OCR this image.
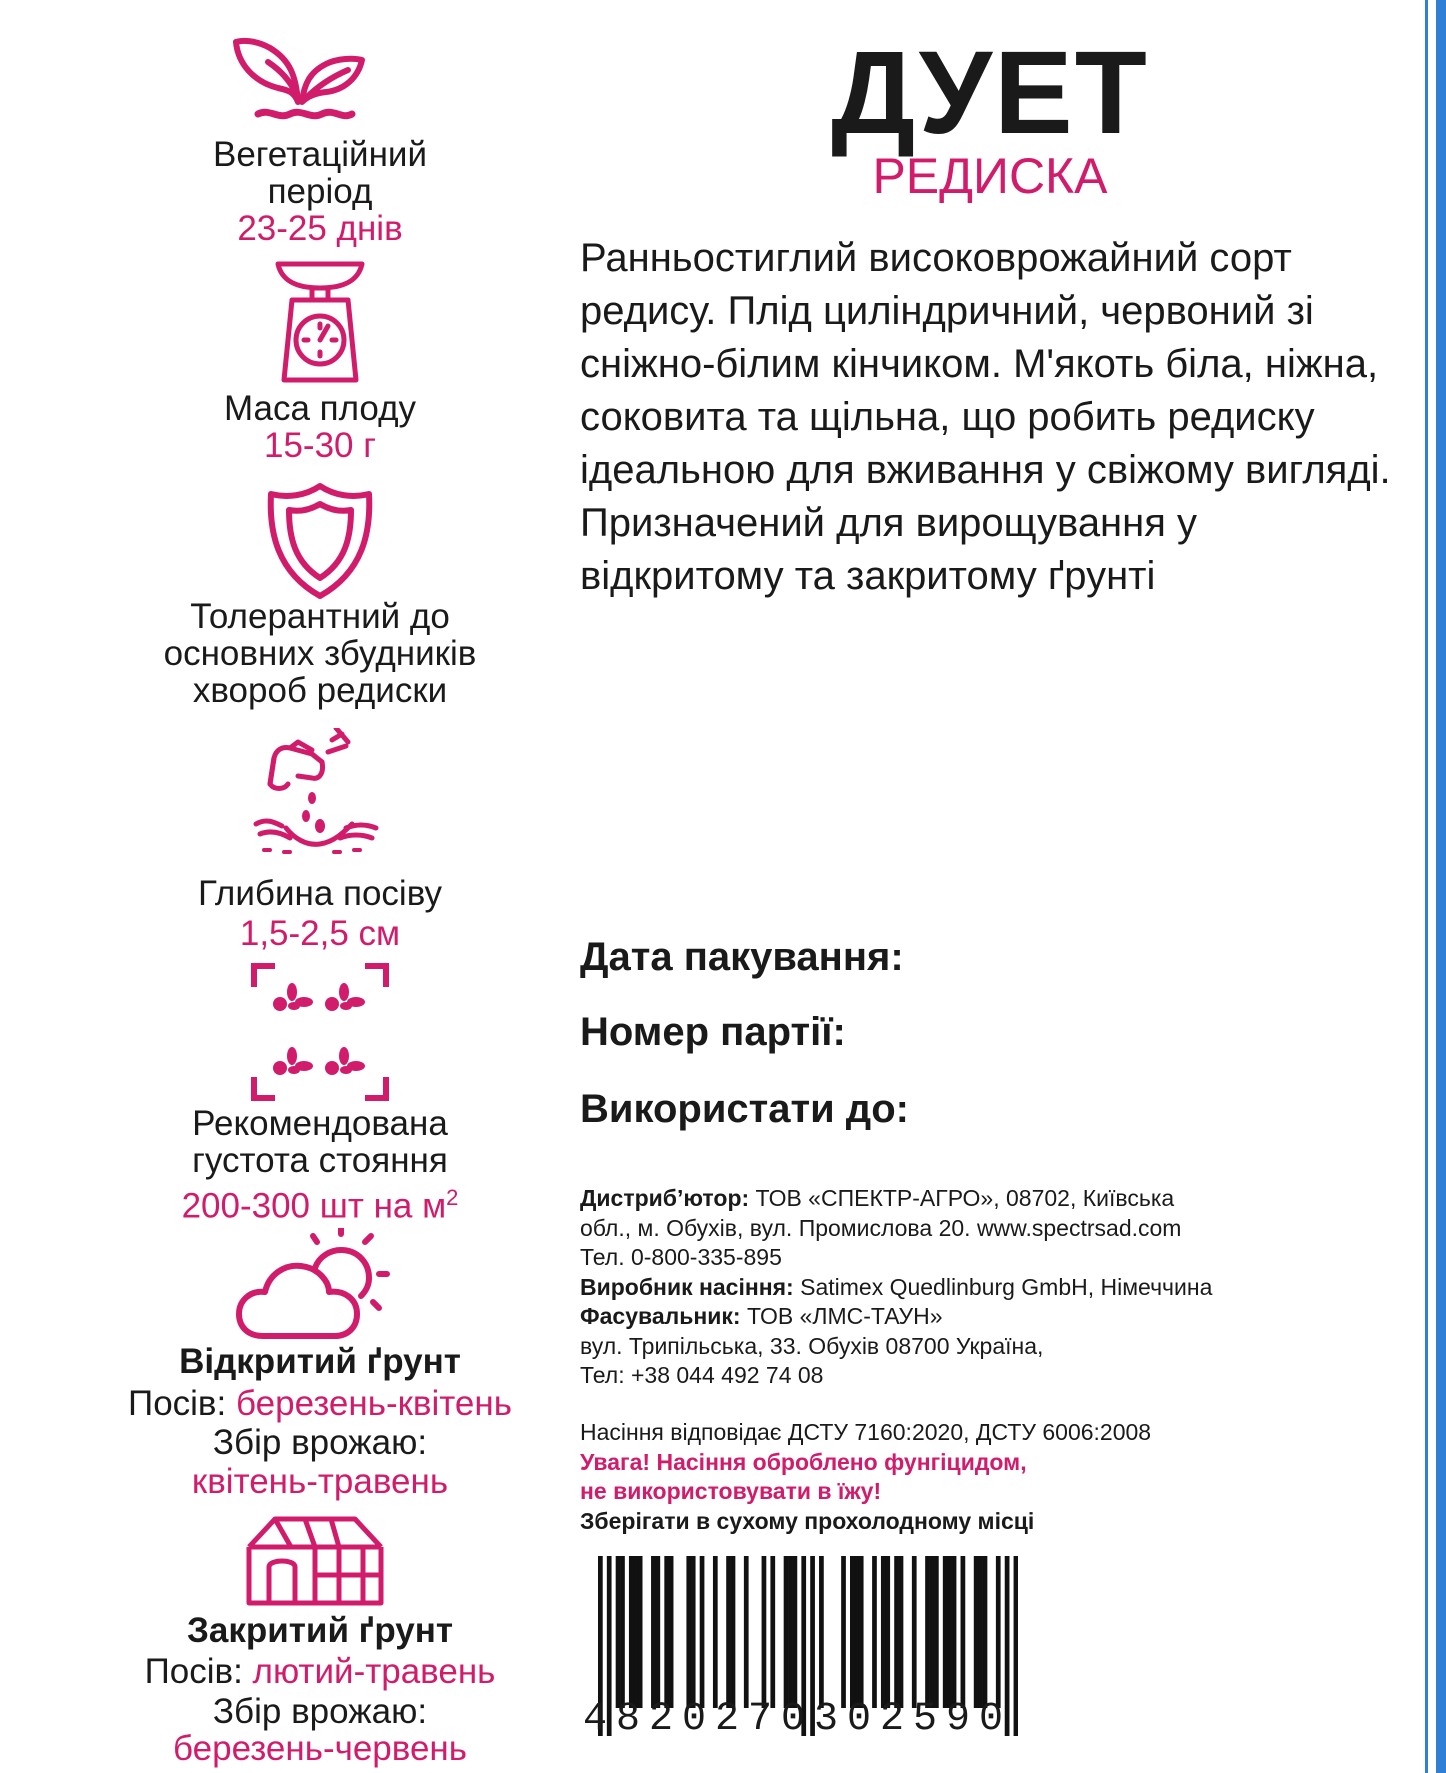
Вегетаційний
період
23-25 днів
Маса плоду
15-30 г
Толерантний до
основних збудників
хвороб редиски
Глибина посіву
1,5-2,5 см
Рекомендована
густота стояння
200-300 шт на $м^2$
Відкритий ґрунт
Посів: березень-квітень
Збір врожаю:
квітень-травень
Закритий ґрунт
Посів: лютий-травень
Збір врожаю:
березень-червень
ДУЕТ
РЕДИСКА
Ранньостиглий високоврожайний сорт редису. Плід циліндричний, червоний зі сніжно-білим кінчиком. М'якоть біла, ніжна, соковита та щільна, що робить редиску ідеальною для вживання у свіжому вигляді. Призначений для вирощування у відкритому та закритому ґрунті
Дата пакування:
Номер партії:
Використати до:
Дистриб’ютор: ТОВ «СПЕКТР-АГРО», 08702, Київська
обл., м. Обухів, вул. Промислова 20. www.spectrsad.com
Тел. 0-800-335-895
Виробник насіння: Satimex Quedlinburg GmbH, Німеччина
Фасувальник: ТОВ «ЛМС-ТАУН»
вул. Трипільська, 33. Обухів 08700 Україна,
Тел: +38 044 492 74 08
Насіння відповідає ДСТУ 7160:2020, ДСТУ 6006:2008
Увага! Насіння оброблено фунгіцидом,
не використовувати в їжу!
Зберігати в сухому прохолодному місці
4820270302590
